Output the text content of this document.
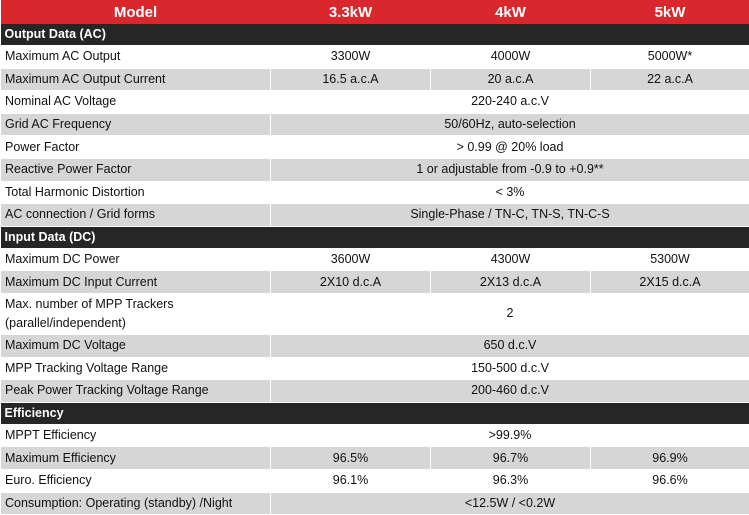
Model	3.3kW	4kW	5kW
Output Data (AC)			
Maximum AC Output	3300W	4000W	5000W*
Maximum AC Output Current	16.5 a.c.A	20 a.c.A	22 a.c.A
Nominal AC Voltage	220-240 a.c.V		
Grid AC Frequency	50/60Hz, auto-selection		
Power Factor	> 0.99 @ 20% load		
Reactive Power Factor	1 or adjustable from -0.9 to +0.9**		
Total Harmonic Distortion	< 3%		
AC connection / Grid forms	Single-Phase / TN-C, TN-S, TN-C-S		
Input Data (DC)			
Maximum DC Power	3600W	4300W	5300W
Maximum DC Input Current	2X10 d.c.A	2X13 d.c.A	2X15 d.c.A
Max. number of MPP Trackers
(parallel/independent)	2		
Maximum DC Voltage	650 d.c.V		
MPP Tracking Voltage Range	150-500 d.c.V		
Peak Power Tracking Voltage Range	200-460 d.c.V		
Efficiency			
MPPT Efficiency	>99.9%		
Maximum Efficiency	96.5%	96.7%	96.9%
Euro. Efficiency	96.1%	96.3%	96.6%
Consumption: Operating (standby) /Night	<12.5W / <0.2W		
